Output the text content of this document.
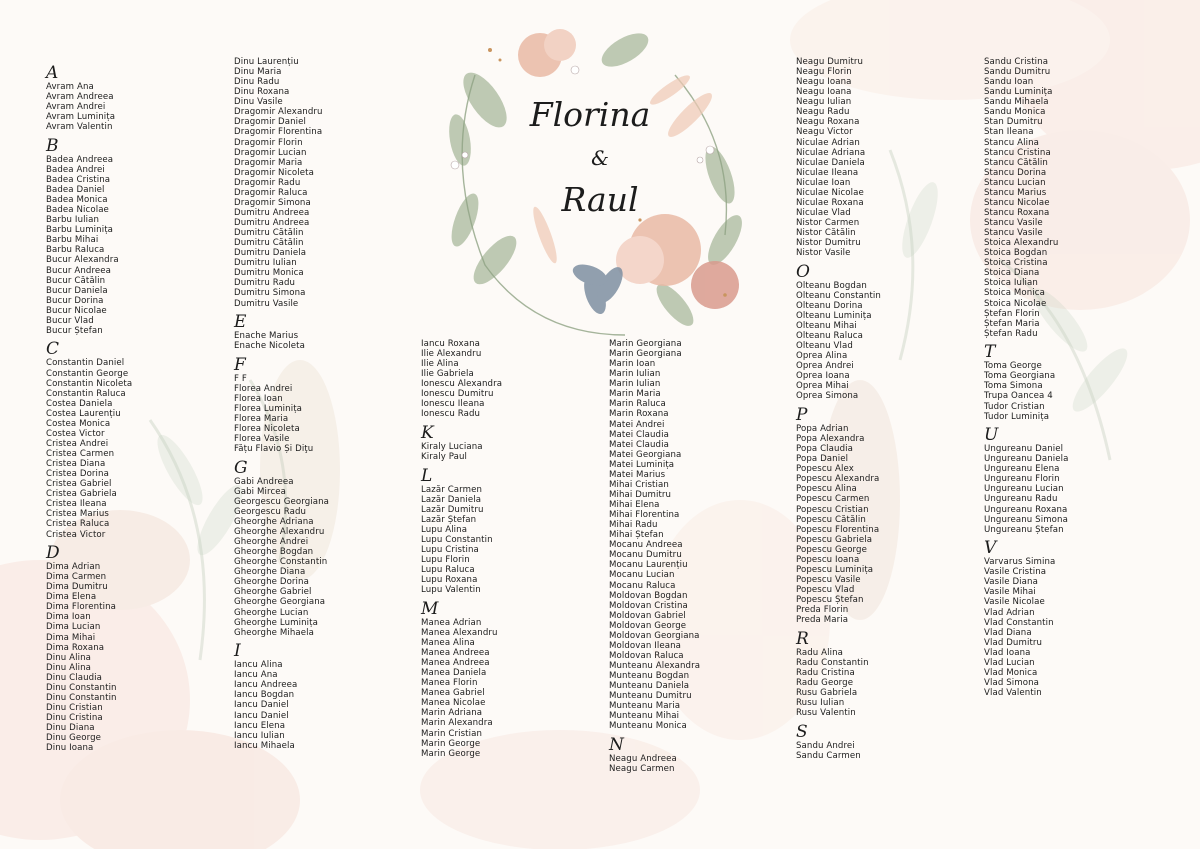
Florina
&
Raul
A
Avram Ana
Avram Andreea
Avram Andrei
Avram Luminița
Avram Valentin
B
Badea Andreea
Badea Andrei
Badea Cristina
Badea Daniel
Badea Monica
Badea Nicolae
Barbu Iulian
Barbu Luminița
Barbu Mihai
Barbu Raluca
Bucur Alexandra
Bucur Andreea
Bucur Cătălin
Bucur Daniela
Bucur Dorina
Bucur Nicolae
Bucur Vlad
Bucur Ștefan
C
Constantin Daniel
Constantin George
Constantin Nicoleta
Constantin Raluca
Costea Daniela
Costea Laurențiu
Costea Monica
Costea Victor
Cristea Andrei
Cristea Carmen
Cristea Diana
Cristea Dorina
Cristea Gabriel
Cristea Gabriela
Cristea Ileana
Cristea Marius
Cristea Raluca
Cristea Victor
D
Dima Adrian
Dima Carmen
Dima Dumitru
Dima Elena
Dima Florentina
Dima Ioan
Dima Lucian
Dima Mihai
Dima Roxana
Dinu Alina
Dinu Alina
Dinu Claudia
Dinu Constantin
Dinu Constantin
Dinu Cristian
Dinu Cristina
Dinu Diana
Dinu George
Dinu Ioana
Dinu Laurențiu
Dinu Maria
Dinu Radu
Dinu Roxana
Dinu Vasile
Dragomir Alexandru
Dragomir Daniel
Dragomir Florentina
Dragomir Florin
Dragomir Lucian
Dragomir Maria
Dragomir Nicoleta
Dragomir Radu
Dragomir Raluca
Dragomir Simona
Dumitru Andreea
Dumitru Andreea
Dumitru Cătălin
Dumitru Cătălin
Dumitru Daniela
Dumitru Iulian
Dumitru Monica
Dumitru Radu
Dumitru Simona
Dumitru Vasile
E
Enache Marius
Enache Nicoleta
F
F F
Florea Andrei
Florea Ioan
Florea Luminița
Florea Maria
Florea Nicoleta
Florea Vasile
Fățu Flavio Și Diţu
G
Gabi Andreea
Gabi Mircea
Georgescu Georgiana
Georgescu Radu
Gheorghe Adriana
Gheorghe Alexandru
Gheorghe Andrei
Gheorghe Bogdan
Gheorghe Constantin
Gheorghe Diana
Gheorghe Dorina
Gheorghe Gabriel
Gheorghe Georgiana
Gheorghe Lucian
Gheorghe Luminița
Gheorghe Mihaela
I
Iancu Alina
Iancu Ana
Iancu Andreea
Iancu Bogdan
Iancu Daniel
Iancu Daniel
Iancu Elena
Iancu Iulian
Iancu Mihaela
Iancu Roxana
Ilie Alexandru
Ilie Alina
Ilie Gabriela
Ionescu Alexandra
Ionescu Dumitru
Ionescu Ileana
Ionescu Radu
K
Kiraly Luciana
Kiraly Paul
L
Lazăr Carmen
Lazăr Daniela
Lazăr Dumitru
Lazăr Ștefan
Lupu Alina
Lupu Constantin
Lupu Cristina
Lupu Florin
Lupu Raluca
Lupu Roxana
Lupu Valentin
M
Manea Adrian
Manea Alexandru
Manea Alina
Manea Andreea
Manea Andreea
Manea Daniela
Manea Florin
Manea Gabriel
Manea Nicolae
Marin Adriana
Marin Alexandra
Marin Cristian
Marin George
Marin George
Marin Georgiana
Marin Georgiana
Marin Ioan
Marin Iulian
Marin Iulian
Marin Maria
Marin Raluca
Marin Roxana
Matei Andrei
Matei Claudia
Matei Claudia
Matei Georgiana
Matei Luminița
Matei Marius
Mihai Cristian
Mihai Dumitru
Mihai Elena
Mihai Florentina
Mihai Radu
Mihai Ștefan
Mocanu Andreea
Mocanu Dumitru
Mocanu Laurențiu
Mocanu Lucian
Mocanu Raluca
Moldovan Bogdan
Moldovan Cristina
Moldovan Gabriel
Moldovan George
Moldovan Georgiana
Moldovan Ileana
Moldovan Raluca
Munteanu Alexandra
Munteanu Bogdan
Munteanu Daniela
Munteanu Dumitru
Munteanu Maria
Munteanu Mihai
Munteanu Monica
N
Neagu Andreea
Neagu Carmen
Neagu Dumitru
Neagu Florin
Neagu Ioana
Neagu Ioana
Neagu Iulian
Neagu Radu
Neagu Roxana
Neagu Victor
Niculae Adrian
Niculae Adriana
Niculae Daniela
Niculae Ileana
Niculae Ioan
Niculae Nicolae
Niculae Roxana
Niculae Vlad
Nistor Carmen
Nistor Cătălin
Nistor Dumitru
Nistor Vasile
O
Olteanu Bogdan
Olteanu Constantin
Olteanu Dorina
Olteanu Luminița
Olteanu Mihai
Olteanu Raluca
Olteanu Vlad
Oprea Alina
Oprea Andrei
Oprea Ioana
Oprea Mihai
Oprea Simona
P
Popa Adrian
Popa Alexandra
Popa Claudia
Popa Daniel
Popescu Alex
Popescu Alexandra
Popescu Alina
Popescu Carmen
Popescu Cristian
Popescu Cătălin
Popescu Florentina
Popescu Gabriela
Popescu George
Popescu Ioana
Popescu Luminița
Popescu Vasile
Popescu Vlad
Popescu Ștefan
Preda Florin
Preda Maria
R
Radu Alina
Radu Constantin
Radu Cristina
Radu George
Rusu Gabriela
Rusu Iulian
Rusu Valentin
S
Sandu Andrei
Sandu Carmen
Sandu Cristina
Sandu Dumitru
Sandu Ioan
Sandu Luminița
Sandu Mihaela
Sandu Monica
Stan Dumitru
Stan Ileana
Stancu Alina
Stancu Cristina
Stancu Cătălin
Stancu Dorina
Stancu Lucian
Stancu Marius
Stancu Nicolae
Stancu Roxana
Stancu Vasile
Stancu Vasile
Stoica Alexandru
Stoica Bogdan
Stoica Cristina
Stoica Diana
Stoica Iulian
Stoica Monica
Stoica Nicolae
Ștefan Florin
Ștefan Maria
Ștefan Radu
T
Toma George
Toma Georgiana
Toma Simona
Trupa Oancea 4
Tudor Cristian
Tudor Luminița
U
Ungureanu Daniel
Ungureanu Daniela
Ungureanu Elena
Ungureanu Florin
Ungureanu Lucian
Ungureanu Radu
Ungureanu Roxana
Ungureanu Simona
Ungureanu Ștefan
V
Varvarus Simina
Vasile Cristina
Vasile Diana
Vasile Mihai
Vasile Nicolae
Vlad Adrian
Vlad Constantin
Vlad Diana
Vlad Dumitru
Vlad Ioana
Vlad Lucian
Vlad Monica
Vlad Simona
Vlad Valentin
